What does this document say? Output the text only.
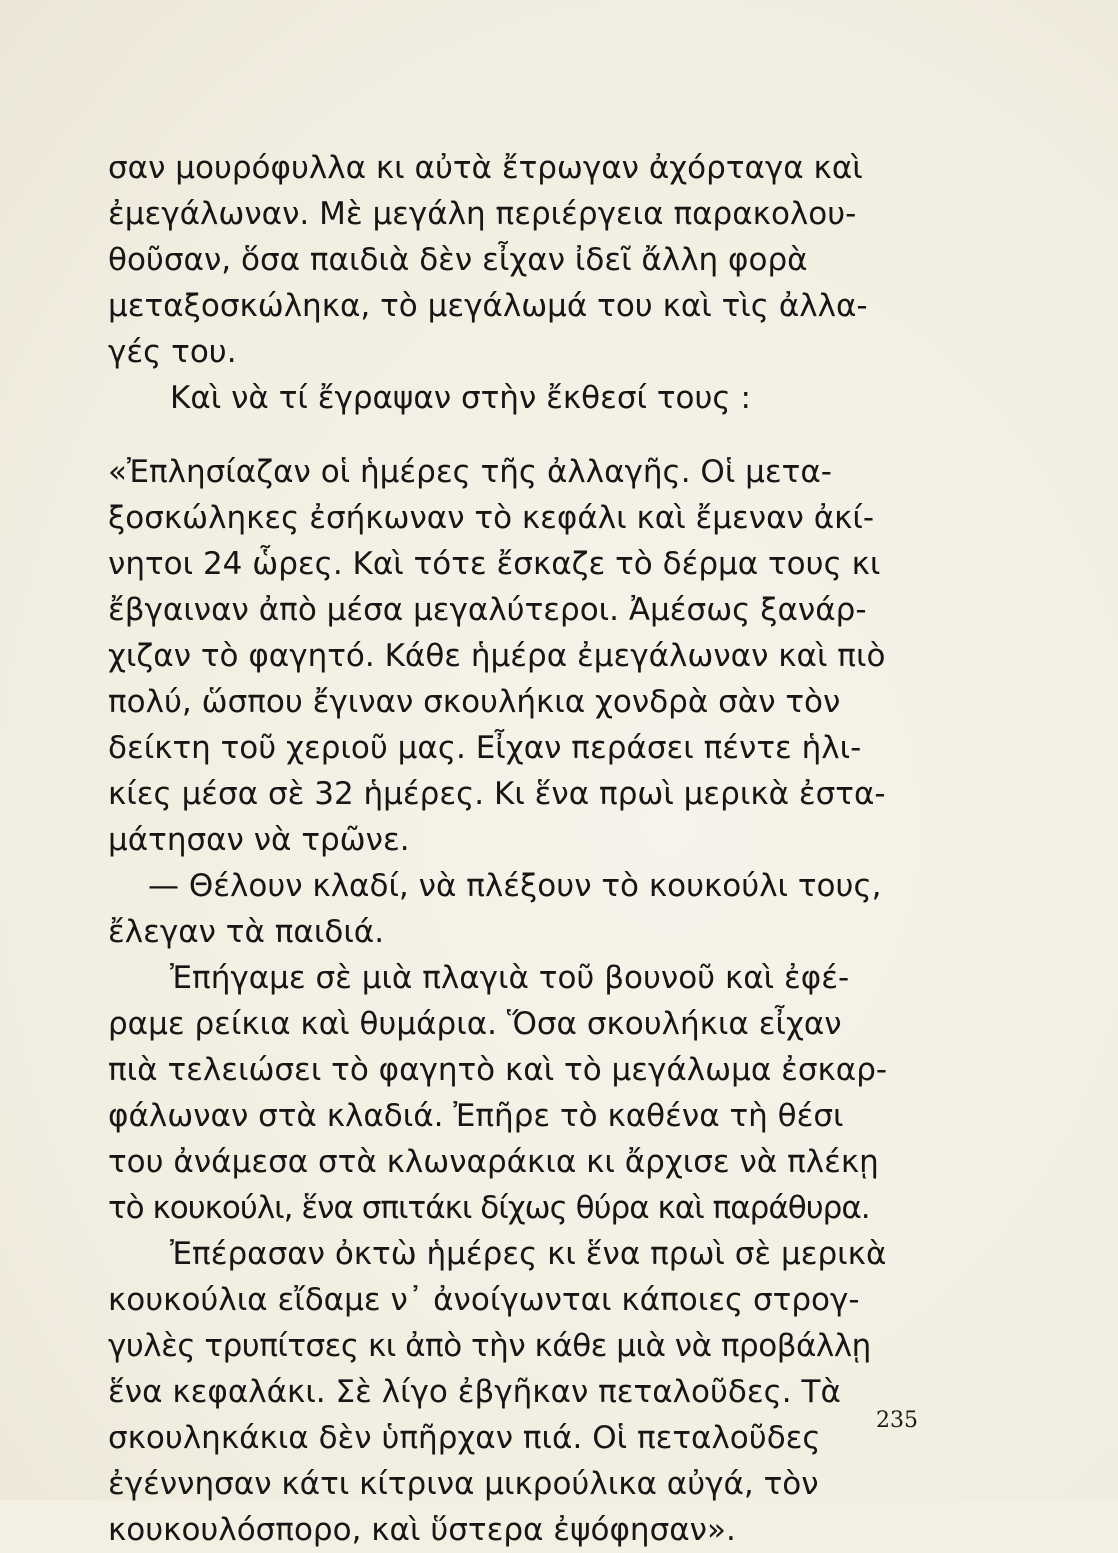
σαν μουρόφυλλα κι αὐτὰ ἔτρωγαν ἀχόρταγα καὶ
ἐμεγάλωναν. Μὲ μεγάλη περιέργεια παρακολου-
θοῦσαν, ὅσα παιδιὰ δὲν εἶχαν ἰδεῖ ἄλλη φορὰ
μεταξοσκώληκα, τὸ μεγάλωμά του καὶ τὶς ἀλλα-
γές του.
Καὶ νὰ τί ἔγραψαν στὴν ἔκθεσί τους :
«Ἐπλησίαζαν οἱ ἡμέρες τῆς ἀλλαγῆς. Οἱ μετα-
ξοσκώληκες ἐσήκωναν τὸ κεφάλι καὶ ἔμεναν ἀκί-
νητοι 24 ὧρες. Καὶ τότε ἔσκαζε τὸ δέρμα τους κι
ἔβγαιναν ἀπὸ μέσα μεγαλύτεροι. Ἀμέσως ξανάρ-
χιζαν τὸ φαγητό. Κάθε ἡμέρα ἐμεγάλωναν καὶ πιὸ
πολύ, ὥσπου ἔγιναν σκουλήκια χονδρὰ σὰν τὸν
δείκτη τοῦ χεριοῦ μας. Εἶχαν περάσει πέντε ἡλι-
κίες μέσα σὲ 32 ἡμέρες. Κι ἕνα πρωὶ μερικὰ ἐστα-
μάτησαν νὰ τρῶνε.
— Θέλουν κλαδί, νὰ πλέξουν τὸ κουκούλι τους,
ἔλεγαν τὰ παιδιά.
Ἐπήγαμε σὲ μιὰ πλαγιὰ τοῦ βουνοῦ καὶ ἐφέ-
ραμε ρείκια καὶ θυμάρια. Ὅσα σκουλήκια εἶχαν
πιὰ τελειώσει τὸ φαγητὸ καὶ τὸ μεγάλωμα ἐσκαρ-
φάλωναν στὰ κλαδιά. Ἐπῆρε τὸ καθένα τὴ θέσι
του ἀνάμεσα στὰ κλωναράκια κι ἄρχισε νὰ πλέκῃ
τὸ κουκούλι, ἕνα σπιτάκι δίχως θύρα καὶ παράθυρα.
Ἐπέρασαν ὀκτὼ ἡμέρες κι ἕνα πρωὶ σὲ μερικὰ
κουκούλια εἴδαμε ν᾽ ἀνοίγωνται κάποιες στρογ-
γυλὲς τρυπίτσες κι ἀπὸ τὴν κάθε μιὰ νὰ προβάλλῃ
ἕνα κεφαλάκι. Σὲ λίγο ἐβγῆκαν πεταλοῦδες. Τὰ
σκουληκάκια δὲν ὑπῆρχαν πιά. Οἱ πεταλοῦδες
ἐγέννησαν κάτι κίτρινα μικρούλικα αὐγά, τὸν
κουκουλόσπορο, καὶ ὕστερα ἐψόφησαν».
235
